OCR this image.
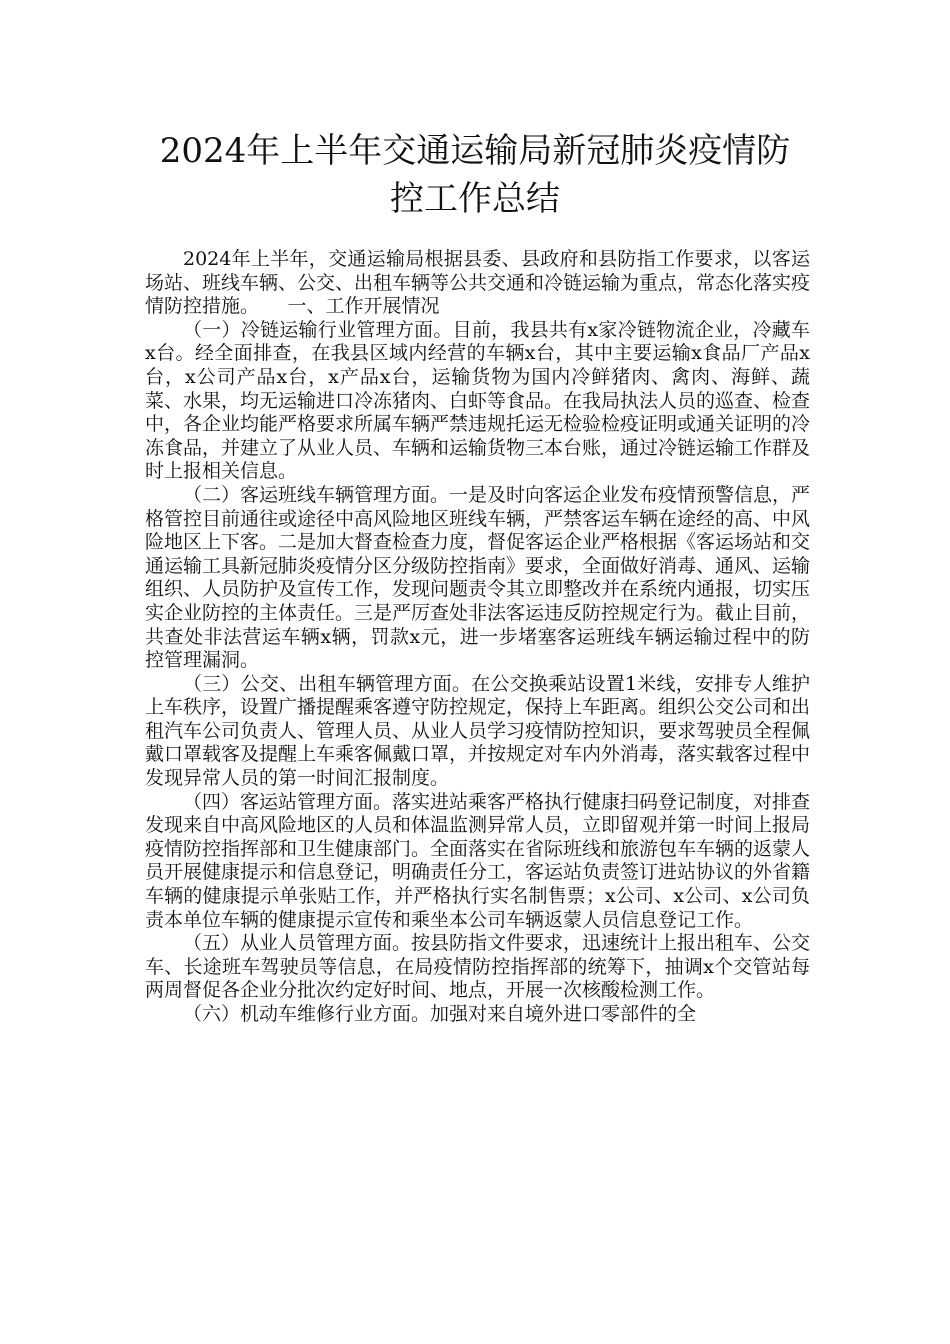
2024年上半年交通运输局新冠肺炎疫情防
控工作总结

2024年上半年，交通运输局根据县委、县政府和县防指工作要求，以客运场站、班线车辆、公交、出租车辆等公共交通和冷链运输为重点，常态化落实疫情防控措施。　　一、工作开展情况

（一）冷链运输行业管理方面。目前，我县共有x家冷链物流企业，冷藏车x台。经全面排查，在我县区域内经营的车辆x台，其中主要运输x食品厂产品x台，x公司产品x台，x产品x台，运输货物为国内冷鲜猪肉、禽肉、海鲜、蔬菜、水果，均无运输进口冷冻猪肉、白虾等食品。在我局执法人员的巡查、检查中，各企业均能严格要求所属车辆严禁违规托运无检验检疫证明或通关证明的冷冻食品，并建立了从业人员、车辆和运输货物三本台账，通过冷链运输工作群及时上报相关信息。

（二）客运班线车辆管理方面。一是及时向客运企业发布疫情预警信息，严格管控目前通往或途径中高风险地区班线车辆，严禁客运车辆在途经的高、中风险地区上下客。二是加大督查检查力度，督促客运企业严格根据《客运场站和交通运输工具新冠肺炎疫情分区分级防控指南》要求，全面做好消毒、通风、运输组织、人员防护及宣传工作，发现问题责令其立即整改并在系统内通报，切实压实企业防控的主体责任。三是严厉查处非法客运违反防控规定行为。截止目前，共查处非法营运车辆x辆，罚款x元，进一步堵塞客运班线车辆运输过程中的防控管理漏洞。

（三）公交、出租车辆管理方面。在公交换乘站设置1米线，安排专人维护上车秩序，设置广播提醒乘客遵守防控规定，保持上车距离。组织公交公司和出租汽车公司负责人、管理人员、从业人员学习疫情防控知识，要求驾驶员全程佩戴口罩载客及提醒上车乘客佩戴口罩，并按规定对车内外消毒，落实载客过程中发现异常人员的第一时间汇报制度。

（四）客运站管理方面。落实进站乘客严格执行健康扫码登记制度，对排查发现来自中高风险地区的人员和体温监测异常人员，立即留观并第一时间上报局疫情防控指挥部和卫生健康部门。全面落实在省际班线和旅游包车车辆的返蒙人员开展健康提示和信息登记，明确责任分工，客运站负责签订进站协议的外省籍车辆的健康提示单张贴工作，并严格执行实名制售票；x公司、x公司、x公司负责本单位车辆的健康提示宣传和乘坐本公司车辆返蒙人员信息登记工作。

（五）从业人员管理方面。按县防指文件要求，迅速统计上报出租车、公交车、长途班车驾驶员等信息，在局疫情防控指挥部的统筹下，抽调x个交管站每两周督促各企业分批次约定好时间、地点，开展一次核酸检测工作。

（六）机动车维修行业方面。加强对来自境外进口零部件的全
